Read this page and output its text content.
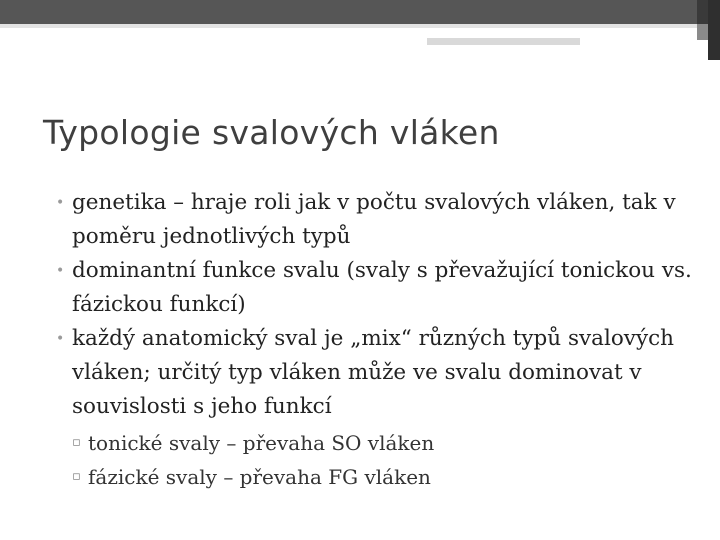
Typologie svalových vláken
• genetika – hraje roli jak v počtu svalových vláken, tak v poměru jednotlivých typů
• dominantní funkce svalu (svaly s převažující tonickou vs. fázickou funkcí)
• každý anatomický sval je „mix“ různých typů svalových vláken; určitý typ vláken může ve svalu dominovat v souvislosti s jeho funkcí
▫ tonické svaly – převaha SO vláken
▫ fázické svaly – převaha FG vláken
